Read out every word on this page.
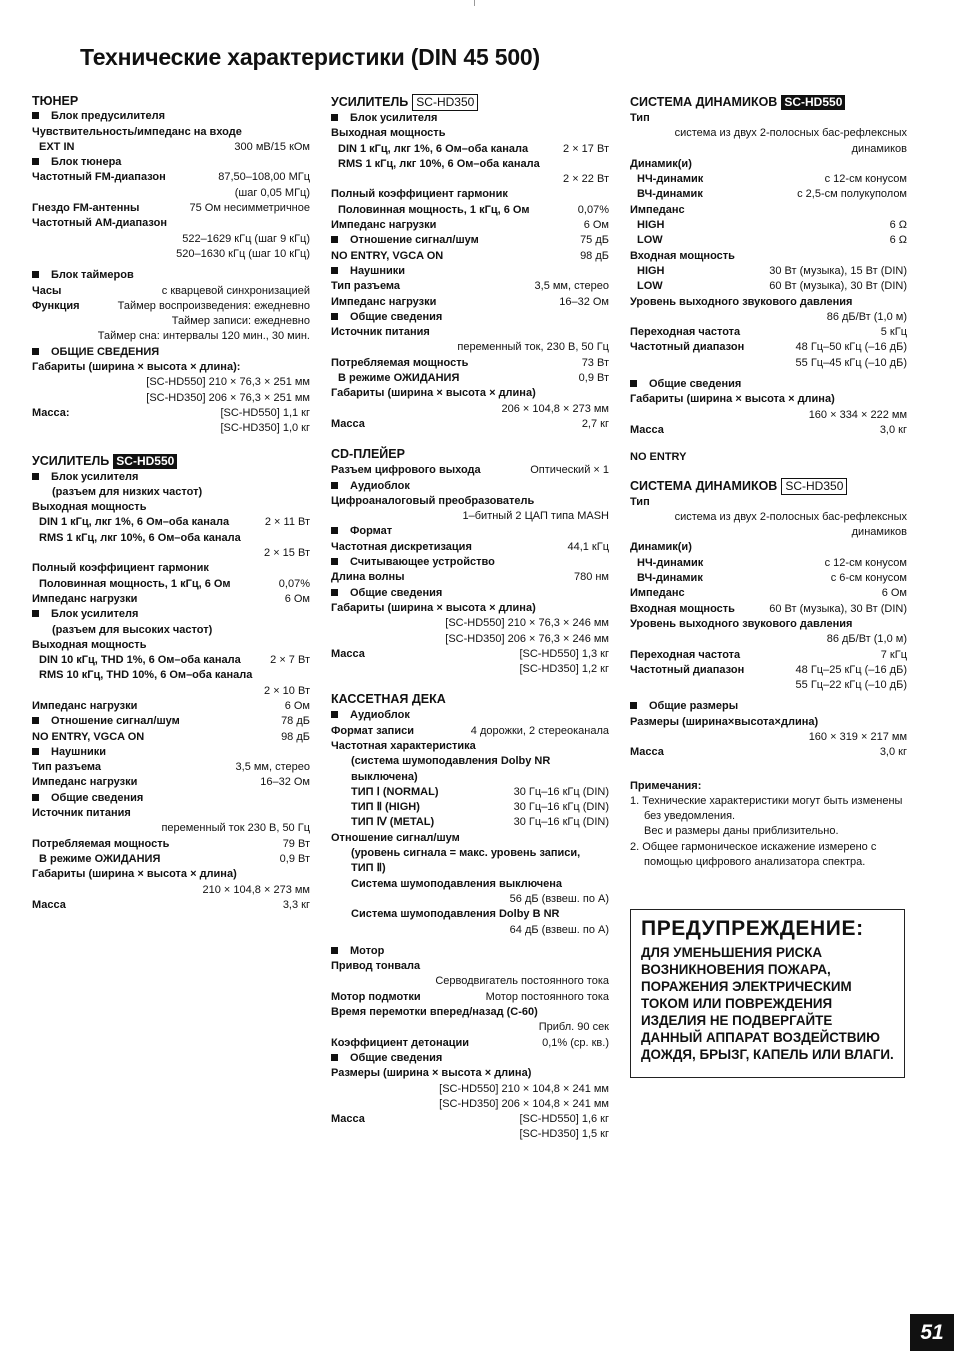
Технические характеристики (DIN 45 500)
ТЮНЕР
Блок предусилителя
Чувствительность/импеданс на входе
EXT IN	300 мВ/15 кОм
Блок тюнера
Частотный FM-диапазон	87,50–108,00 МГц
(шаг 0,05 МГц)
Гнездо FM-антенны	75 Ом несимметричное
Частотный AM-диапазон
522–1629 кГц (шаг 9 кГц)
520–1630 кГц (шаг 10 кГц)
Блок таймеров
Часы	с кварцевой синхронизацией
Функция	Таймер воспроизведения: ежедневно
Таймер записи: ежедневно
Таймер сна: интервалы 120 мин., 30 мин.
ОБЩИЕ СВЕДЕНИЯ
Габариты (ширина × высота × длина):
[SC-HD550] 210 × 76,3 × 251 мм
[SC-HD350] 206 × 76,3 × 251 мм
Масса:	[SC-HD550] 1,1 кг
[SC-HD350] 1,0 кг
УСИЛИТЕЛЬ SC-HD550
Блок усилителя
(разъем для низких частот)
Выходная мощность
DIN 1 кГц, лкг 1%, 6 Ом–оба канала	2 × 11 Вт
RMS 1 кГц, лкг 10%, 6 Ом–оба канала
2 × 15 Вт
Полный коэффициент гармоник
Половинная мощность, 1 кГц, 6 Ом	0,07%
Импеданс нагрузки	6 Ом
Блок усилителя
(разъем для высоких частот)
Выходная мощность
DIN 10 кГц, THD 1%, 6 Ом–оба канала	2 × 7 Вт
RMS 10 кГц, THD 10%, 6 Ом–оба канала
2 × 10 Вт
Импеданс нагрузки	6 Ом
Отношение сигнал/шум	78 дБ
NO ENTRY, VGCA ON	98 дБ
Наушники
Тип разъема	3,5 мм, стерео
Импеданс нагрузки	16–32 Ом
Общие сведения
Источник питания
переменный ток 230 В, 50 Гц
Потребляемая мощность	79 Вт
В режиме ОЖИДАНИЯ	0,9 Вт
Габариты (ширина × высота × длина)
210 × 104,8 × 273 мм
Масса	3,3 кг
УСИЛИТЕЛЬ SC-HD350
Блок усилителя
Выходная мощность
DIN 1 кГц, лкг 1%, 6 Ом–оба канала	2 × 17 Вт
RMS 1 кГц, лкг 10%, 6 Ом–оба канала
2 × 22 Вт
Полный коэффициент гармоник
Половинная мощность, 1 кГц, 6 Ом	0,07%
Импеданс нагрузки	6 Ом
Отношение сигнал/шум	75 дБ
NO ENTRY, VGCA ON	98 дБ
Наушники
Тип разъема	3,5 мм, стерео
Импеданс нагрузки	16–32 Ом
Общие сведения
Источник питания
переменный ток, 230 В, 50 Гц
Потребляемая мощность	73 Вт
В режиме ОЖИДАНИЯ	0,9 Вт
Габариты (ширина × высота × длина)
206 × 104,8 × 273 мм
Масса	2,7 кг
CD-ПЛЕЙЕР
Разъем цифрового выхода	Оптический × 1
Аудиоблок
Цифроаналоговый преобразователь
1–битный 2 ЦАП типа MASH
Формат
Частотная дискретизация	44,1 кГц
Считывающее устройство
Длина волны	780 нм
Общие сведения
Габариты (ширина × высота × длина)
[SC-HD550] 210 × 76,3 × 246 мм
[SC-HD350] 206 × 76,3 × 246 мм
Масса	[SC-HD550] 1,3 кг
[SC-HD350] 1,2 кг
КАССЕТНАЯ ДЕКА
Аудиоблок
Формат записи	4 дорожки, 2 стереоканала
Частотная характеристика
(система шумоподавления Dolby NR
выключена)
ТИП Ⅰ (NORMAL)	30 Гц–16 кГц (DIN)
ТИП Ⅱ (HIGH)	30 Гц–16 кГц (DIN)
ТИП Ⅳ (METAL)	30 Гц–16 кГц (DIN)
Отношение сигнал/шум
(уровень сигнала = макс. уровень записи,
ТИП Ⅱ)
Система шумоподавления выключена
56 дБ (взвеш. по А)
Система шумоподавления Dolby B NR
64 дБ (взвеш. по А)
Мотор
Привод тонвала
Серводвигатель постоянного тока
Мотор подмотки	Мотор постоянного тока
Время перемотки вперед/назад (C-60)
Прибл. 90 сек
Коэффициент детонации	0,1% (ср. кв.)
Общие сведения
Размеры (ширина × высота × длина)
[SC-HD550] 210 × 104,8 × 241 мм
[SC-HD350] 206 × 104,8 × 241 мм
Масса	[SC-HD550] 1,6 кг
[SC-HD350] 1,5 кг
СИСТЕМА ДИНАМИКОВ SC-HD550
Тип
система из двух 2-полосных бас-рефлексных
динамиков
Динамик(и)
НЧ-динамик	с 12-см конусом
ВЧ-динамик	с 2,5-см полукуполом
Импеданс
HIGH	6 Ω
LOW	6 Ω
Входная мощность
HIGH	30 Вт (музыка), 15 Вт (DIN)
LOW	60 Вт (музыка), 30 Вт (DIN)
Уровень выходного звукового давления
86 дБ/Вт (1,0 м)
Переходная частота	5 кГц
Частотный диапазон	48 Гц–50 кГц (–16 дБ)
55 Гц–45 кГц (–10 дБ)
Общие сведения
Габариты (ширина × высота × длина)
160 × 334 × 222 мм
Масса	3,0 кг
NO ENTRY
СИСТЕМА ДИНАМИКОВ SC-HD350
Тип
система из двух 2-полосных бас-рефлексных
динамиков
Динамик(и)
НЧ-динамик	с 12-см конусом
ВЧ-динамик	с 6-см конусом
Импеданс	6 Ом
Входная мощность	60 Вт (музыка), 30 Вт (DIN)
Уровень выходного звукового давления
86 дБ/Вт (1,0 м)
Переходная частота	7 кГц
Частотный диапазон	48 Гц–25 кГц (–16 дБ)
55 Гц–22 кГц (–10 дБ)
Общие размеры
Размеры (ширина×высота×длина)
160 × 319 × 217 мм
Масса	3,0 кг
Примечания:
1. Технические характеристики могут быть изменены без уведомления.
Вес и размеры даны приблизительно.
2. Общее гармоническое искажение измерено с помощью цифрового анализатора спектра.
ПРЕДУПРЕЖДЕНИЕ:
ДЛЯ УМЕНЬШЕНИЯ РИСКА ВОЗНИКНОВЕНИЯ ПОЖАРА, ПОРАЖЕНИЯ ЭЛЕКТРИЧЕСКИМ ТОКОМ ИЛИ ПОВРЕЖДЕНИЯ ИЗДЕЛИЯ НЕ ПОДВЕРГАЙТЕ ДАННЫЙ АППАРАТ ВОЗДЕЙСТВИЮ ДОЖДЯ, БРЫЗГ, КАПЕЛЬ ИЛИ ВЛАГИ.
51
